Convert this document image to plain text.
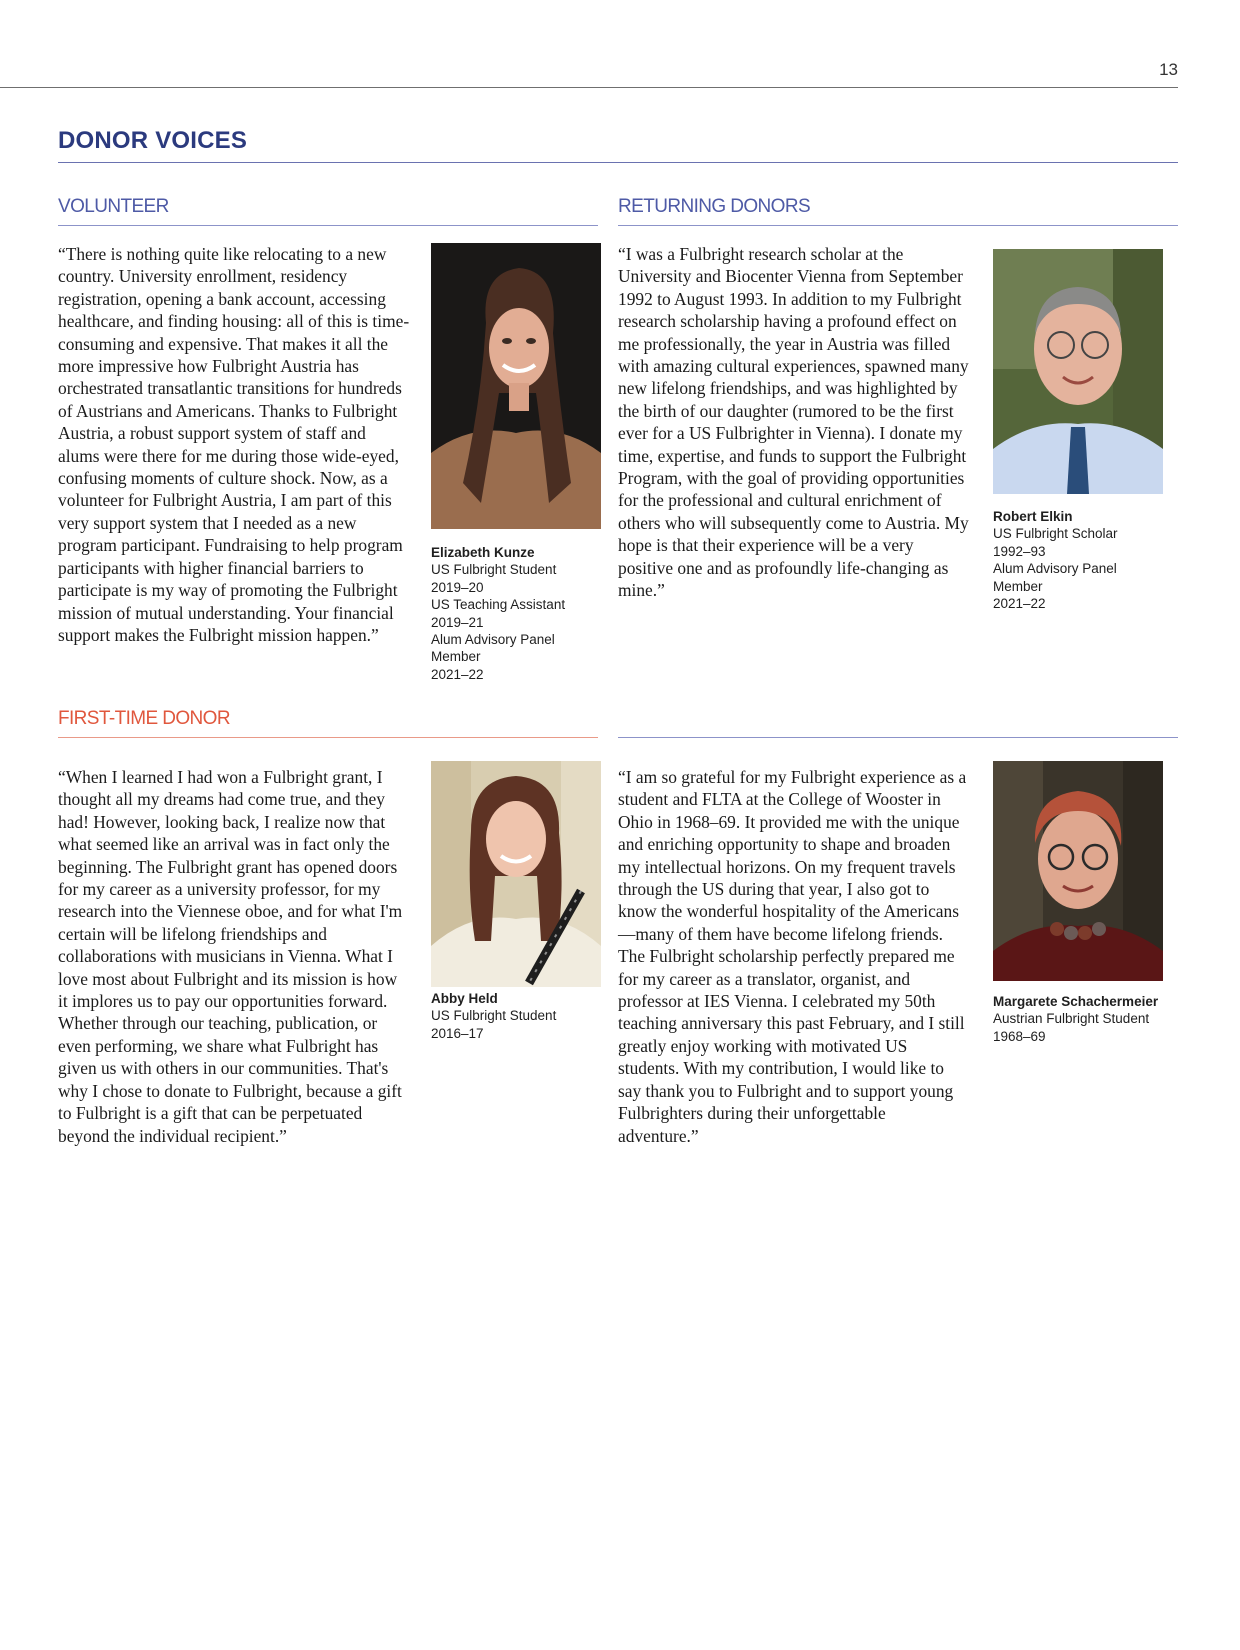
13
DONOR VOICES
VOLUNTEER

“There is nothing quite like relocating to a new country. University enrollment, residency registration, opening a bank account, accessing healthcare, and finding housing: all of this is time-consuming and expensive. That makes it all the more impressive how Fulbright Austria has orchestrated transatlantic transitions for hundreds of Austrians and Americans. Thanks to Fulbright Austria, a robust support system of staff and alums were there for me during those wide-eyed, confusing moments of culture shock. Now, as a volunteer for Fulbright Austria, I am part of this very support system that I needed as a new program participant. Fundraising to help program participants with higher financial barriers to participate is my way of promoting the Fulbright mission of mutual understanding. Your financial support makes the Fulbright mission happen.”

Elizabeth Kunze
US Fulbright Student
2019–20
US Teaching Assistant
2019–21
Alum Advisory Panel
Member
2021–22
RETURNING DONORS

“I was a Fulbright research scholar at the University and Biocenter Vienna from September 1992 to August 1993. In addition to my Fulbright research scholarship having a profound effect on me professionally, the year in Austria was filled with amazing cultural experiences, spawned many new lifelong friendships, and was highlighted by the birth of our daughter (rumored to be the first ever for a US Fulbrighter in Vienna). I donate my time, expertise, and funds to support the Fulbright Program, with the goal of providing opportunities for the professional and cultural enrichment of others who will subsequently come to Austria. My hope is that their experience will be a very positive one and as profoundly life-changing as mine.”

Robert Elkin
US Fulbright Scholar
1992–93
Alum Advisory Panel
Member
2021–22
FIRST-TIME DONOR

“When I learned I had won a Fulbright grant, I thought all my dreams had come true, and they had! However, looking back, I realize now that what seemed like an arrival was in fact only the beginning. The Fulbright grant has opened doors for my career as a university professor, for my research into the Viennese oboe, and for what I'm certain will be lifelong friendships and collaborations with musicians in Vienna. What I love most about Fulbright and its mission is how it implores us to pay our opportunities forward. Whether through our teaching, publication, or even performing, we share what Fulbright has given us with others in our communities. That's why I chose to donate to Fulbright, because a gift to Fulbright is a gift that can be perpetuated beyond the individual recipient.”

Abby Held
US Fulbright Student
2016–17

“I am so grateful for my Fulbright experience as a student and FLTA at the College of Wooster in Ohio in 1968–69. It provided me with the unique and enriching opportunity to shape and broaden my intellectual horizons. On my frequent travels through the US during that year, I also got to know the wonderful hospitality of the Americans—many of them have become lifelong friends. The Fulbright scholarship perfectly prepared me for my career as a translator, organist, and professor at IES Vienna. I celebrated my 50th teaching anniversary this past February, and I still greatly enjoy working with motivated US students. With my contribution, I would like to say thank you to Fulbright and to support young Fulbrighters during their unforgettable adventure.”

Margarete Schachermeier
Austrian Fulbright Student
1968–69
